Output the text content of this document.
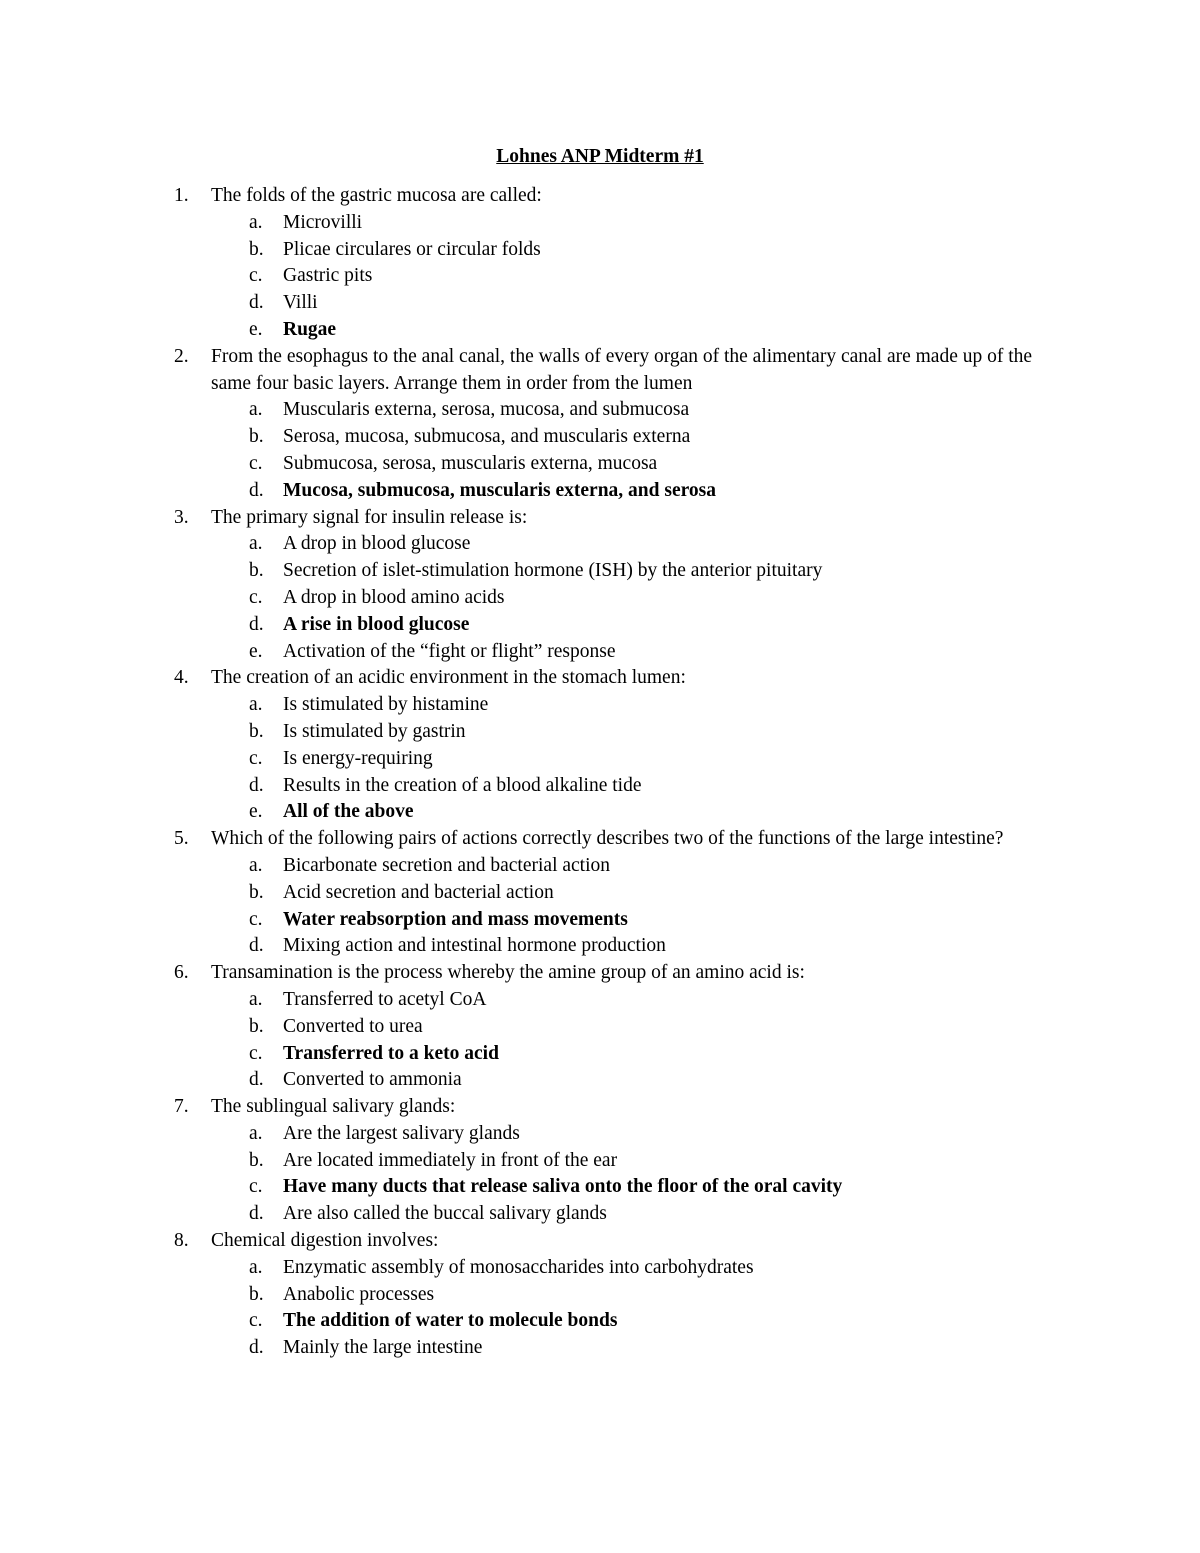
Lohnes ANP Midterm #1
1. The folds of the gastric mucosa are called:
a. Microvilli
b. Plicae circulares or circular folds
c. Gastric pits
d. Villi
e. Rugae
2. From the esophagus to the anal canal, the walls of every organ of the alimentary canal are made up of the same four basic layers. Arrange them in order from the lumen
a. Muscularis externa, serosa, mucosa, and submucosa
b. Serosa, mucosa, submucosa, and muscularis externa
c. Submucosa, serosa, muscularis externa, mucosa
d. Mucosa, submucosa, muscularis externa, and serosa
3. The primary signal for insulin release is:
a. A drop in blood glucose
b. Secretion of islet-stimulation hormone (ISH) by the anterior pituitary
c. A drop in blood amino acids
d. A rise in blood glucose
e. Activation of the “fight or flight” response
4. The creation of an acidic environment in the stomach lumen:
a. Is stimulated by histamine
b. Is stimulated by gastrin
c. Is energy-requiring
d. Results in the creation of a blood alkaline tide
e. All of the above
5. Which of the following pairs of actions correctly describes two of the functions of the large intestine?
a. Bicarbonate secretion and bacterial action
b. Acid secretion and bacterial action
c. Water reabsorption and mass movements
d. Mixing action and intestinal hormone production
6. Transamination is the process whereby the amine group of an amino acid is:
a. Transferred to acetyl CoA
b. Converted to urea
c. Transferred to a keto acid
d. Converted to ammonia
7. The sublingual salivary glands:
a. Are the largest salivary glands
b. Are located immediately in front of the ear
c. Have many ducts that release saliva onto the floor of the oral cavity
d. Are also called the buccal salivary glands
8. Chemical digestion involves:
a. Enzymatic assembly of monosaccharides into carbohydrates
b. Anabolic processes
c. The addition of water to molecule bonds
d. Mainly the large intestine
